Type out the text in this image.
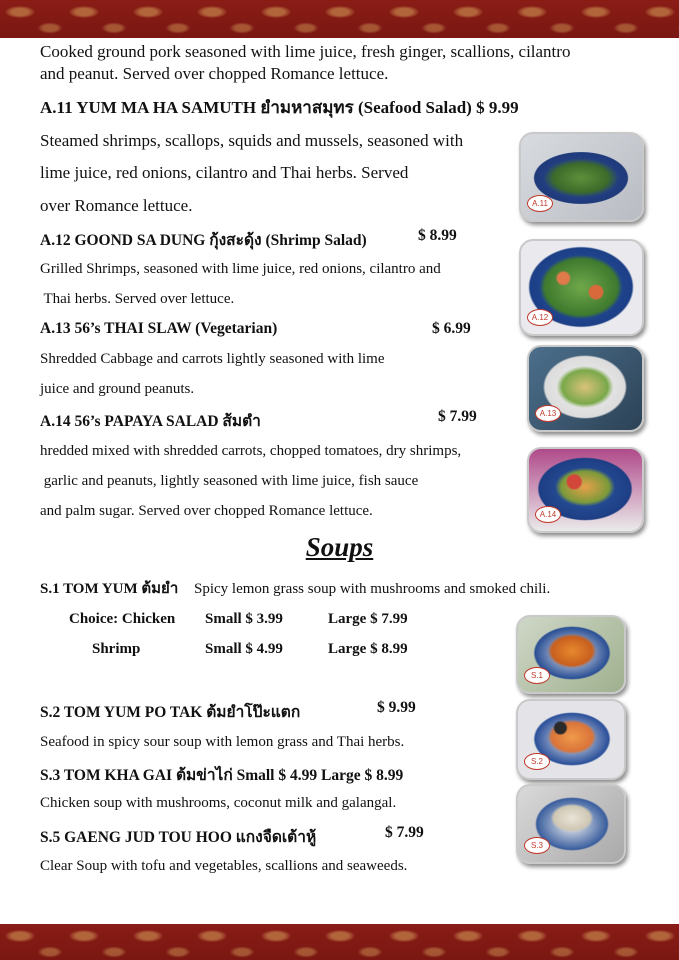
Cooked ground pork seasoned with lime juice, fresh ginger, scallions, cilantro
and peanut. Served over chopped Romance lettuce.
A.11 YUM MA HA SAMUTH ยำมหาสมุทร (Seafood Salad) $ 9.99
Steamed shrimps, scallops, squids and mussels, seasoned with
lime juice, red onions, cilantro and Thai herbs. Served
over Romance lettuce.
A.12 GOOND SA DUNG กุ้งสะดุ้ง (Shrimp Salad)	$ 8.99
Grilled Shrimps, seasoned with lime juice, red onions, cilantro and
Thai herbs. Served over lettuce.
A.13 56’s THAI SLAW (Vegetarian)	$ 6.99
Shredded Cabbage and carrots lightly seasoned with lime
juice and ground peanuts.
A.14 56’s PAPAYA SALAD ส้มตำ	$ 7.99
hredded mixed with shredded carrots, chopped tomatoes, dry shrimps,
garlic and peanuts, lightly seasoned with lime juice, fish sauce
and palm sugar. Served over chopped Romance lettuce.
Soups
S.1 TOM YUM ต้มยำ Spicy lemon grass soup with mushrooms and smoked chili.
Choice: Chicken Small $ 3.99	Large $ 7.99
Shrimp	Small $ 4.99	Large $ 8.99
S.2 TOM YUM PO TAK ต้มยำโป๊ะแตก	$ 9.99
Seafood in spicy sour soup with lemon grass and Thai herbs.
S.3 TOM KHA GAI ต้มข่าไก่ Small $ 4.99 Large $ 8.99
Chicken soup with mushrooms, coconut milk and galangal.
S.5 GAENG JUD TOU HOO แกงจืดเต้าหู้	$ 7.99
Clear Soup with tofu and vegetables, scallions and seaweeds.
A.11
A.12
A.13
A.14
S.1
S.2
S.3
